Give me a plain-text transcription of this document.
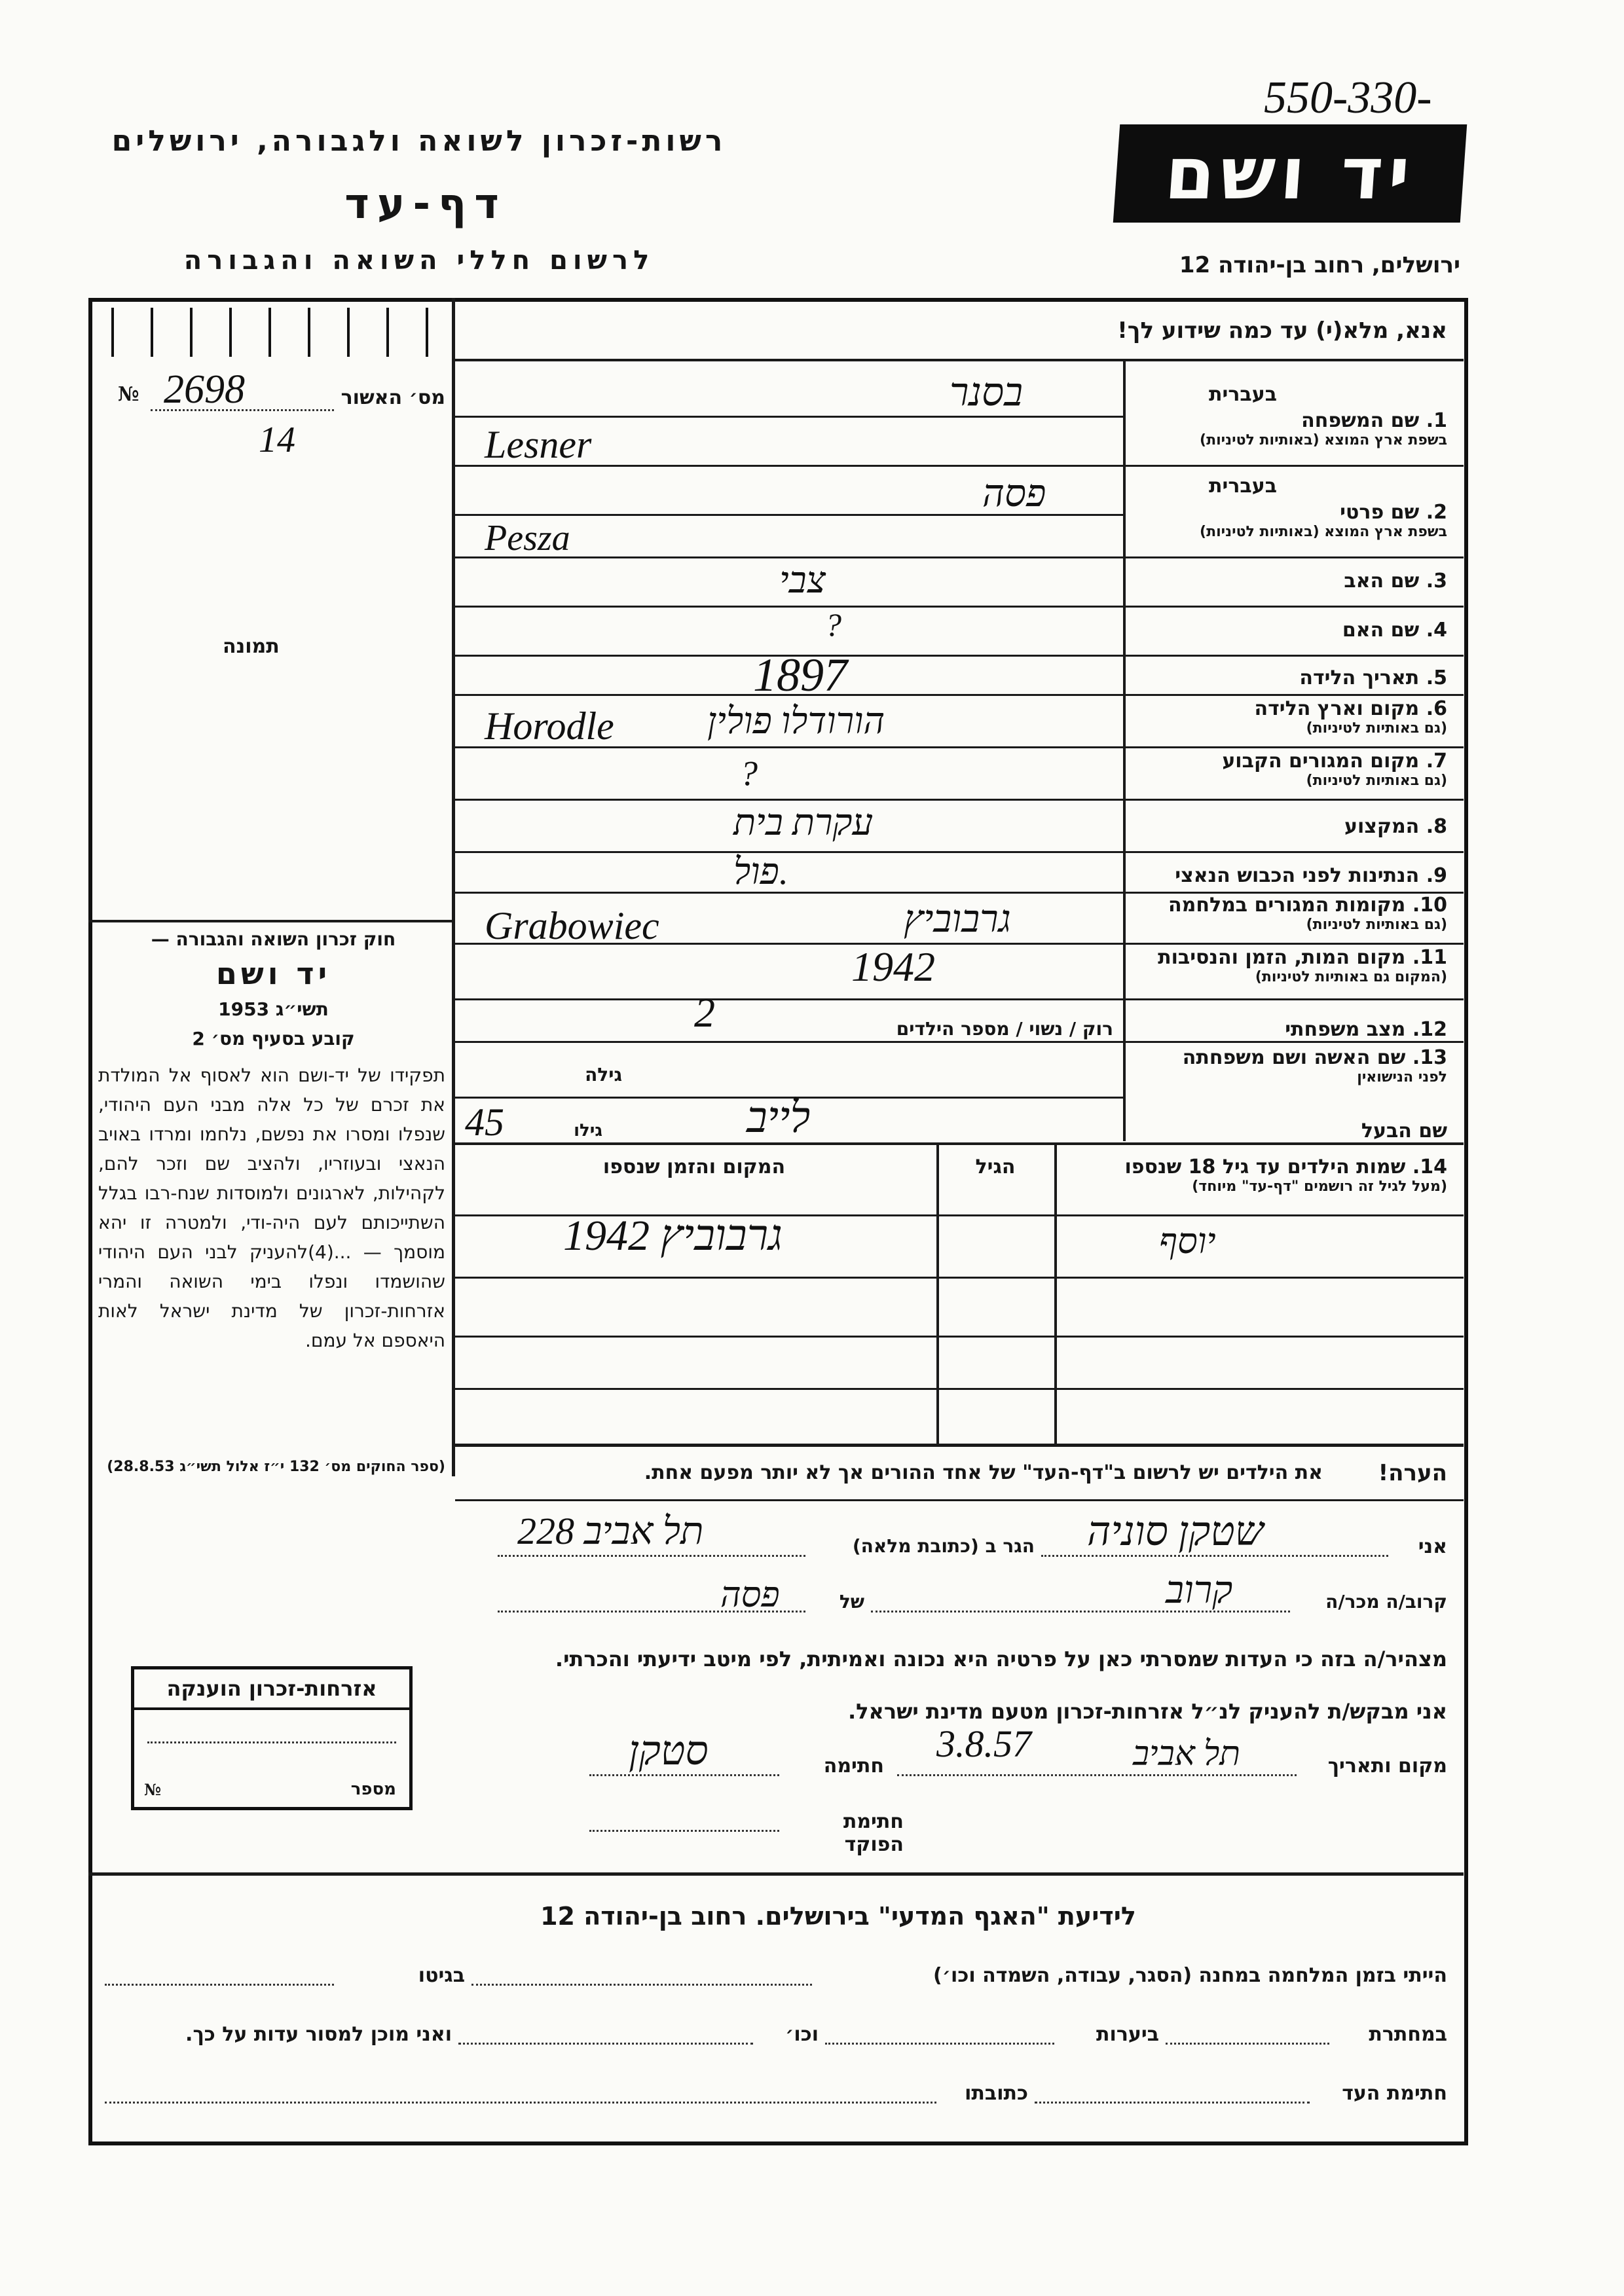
550-330-
רשות-זכרון לשואה ולגבורה, ירושלים
דף-עד
לרשום חללי השואה והגבורה
יד ושם
ירושלים, רחוב בן-יהודה 12
אנא, מלא(י) עד כמה שידוע לך!
מס׳ האשור
№ 2698
14
תמונה
חוק זכרון השואה והגבורה —
יד ושם
תשי״ג 1953
קובע בסעיף מס׳ 2
תפקידו של יד-ושם הוא לאסוף אל המולדת את זכרם של כל אלה מבני העם היהודי, שנפלו ומסרו את נפשם, נלחמו ומרדו באויב הנאצי ובעוזריו, ולהציב שם וזכר להם, לקהילות, לארגונים ולמוסדות שנח-רבו בגלל השתייכותם לעם היה-ודי, ולמטרה זו יהא מוסמך — ...(4)להעניק לבני העם היהודי שהושמדו ונפלו בימי השואה והמרי אזרחות-זכרון של מדינת ישראל לאות היאספם אל עמם.
(ספר החוקים מס׳ 132 י״ז אלול תשי״ג 28.8.53)
בעברית
1. שם המשפחה
בשפת ארץ המוצא (באותיות לטיניות)
בעברית
2. שם פרטי
בשפת ארץ המוצא (באותיות לטיניות)
3. שם האב
4. שם האם
5. תאריך הלידה
6. מקום וארץ הלידה
(גם באותיות לטיניות)
7. מקום המגורים הקבוע
(גם באותיות לטיניות)
8. המקצוע
9. הנתינות לפני הכבוש הנאצי
10. מקומות המגורים במלחמה
(גם באותיות לטיניות)
11. מקום המות, הזמן והנסיבות
(המקום גם באותיות לטיניות)
12. מצב משפחתי
רוק / נשוי / מספר הילדים
13. שם האשה ושם משפחתה
לפני הנישואין
גילה
שם הבעל
גילו
בסנר
Lesner
פסה
Pesza
צבי
?
1897
הורודלו פולין
Horodle
?
עקרת בית
פול.
גרבוביץ
Grabowiec
1942
2
לייב
45
14. שמות הילדים עד גיל 18 שנספו
(מעל לגיל זה רושמים "דף-עד" מיוחד)
הגיל
המקום והזמן שנספו
יוסף
גרבוביץ 1942
הערה!
את הילדים יש לרשום ב"דף-העד" של אחד ההורים אך לא יותר מפעם אחת.
אני
שטקן סוניה
הגר ב (כתובת מלאה)
תל אביב 228
קרוב/ה מכר/ה
קרוב
של
פסה
מצהיר/ה בזה כי העדות שמסרתי כאן על פרטיה היא נכונה ואמיתית, לפי מיטב ידיעתי והכרתי.
אני מבקש/ת להעניק לנ״ל אזרחות-זכרון מטעם מדינת ישראל.
מקום ותאריך
תל אביב
3.8.57
חתימה
סטקן
חתימת הפוקד
אזרחות-זכרון הוענקה
מספר
№
לידיעת "האגף המדעי" בירושלים. רחוב בן-יהודה 12
הייתי בזמן המלחמה במחנה (הסגר, עבודה, השמדה וכו׳)
בגיטו
במחתרת
ביערות
וכו׳
ואני מוכן למסור עדות על כך.
חתימת העד
כתובתו
